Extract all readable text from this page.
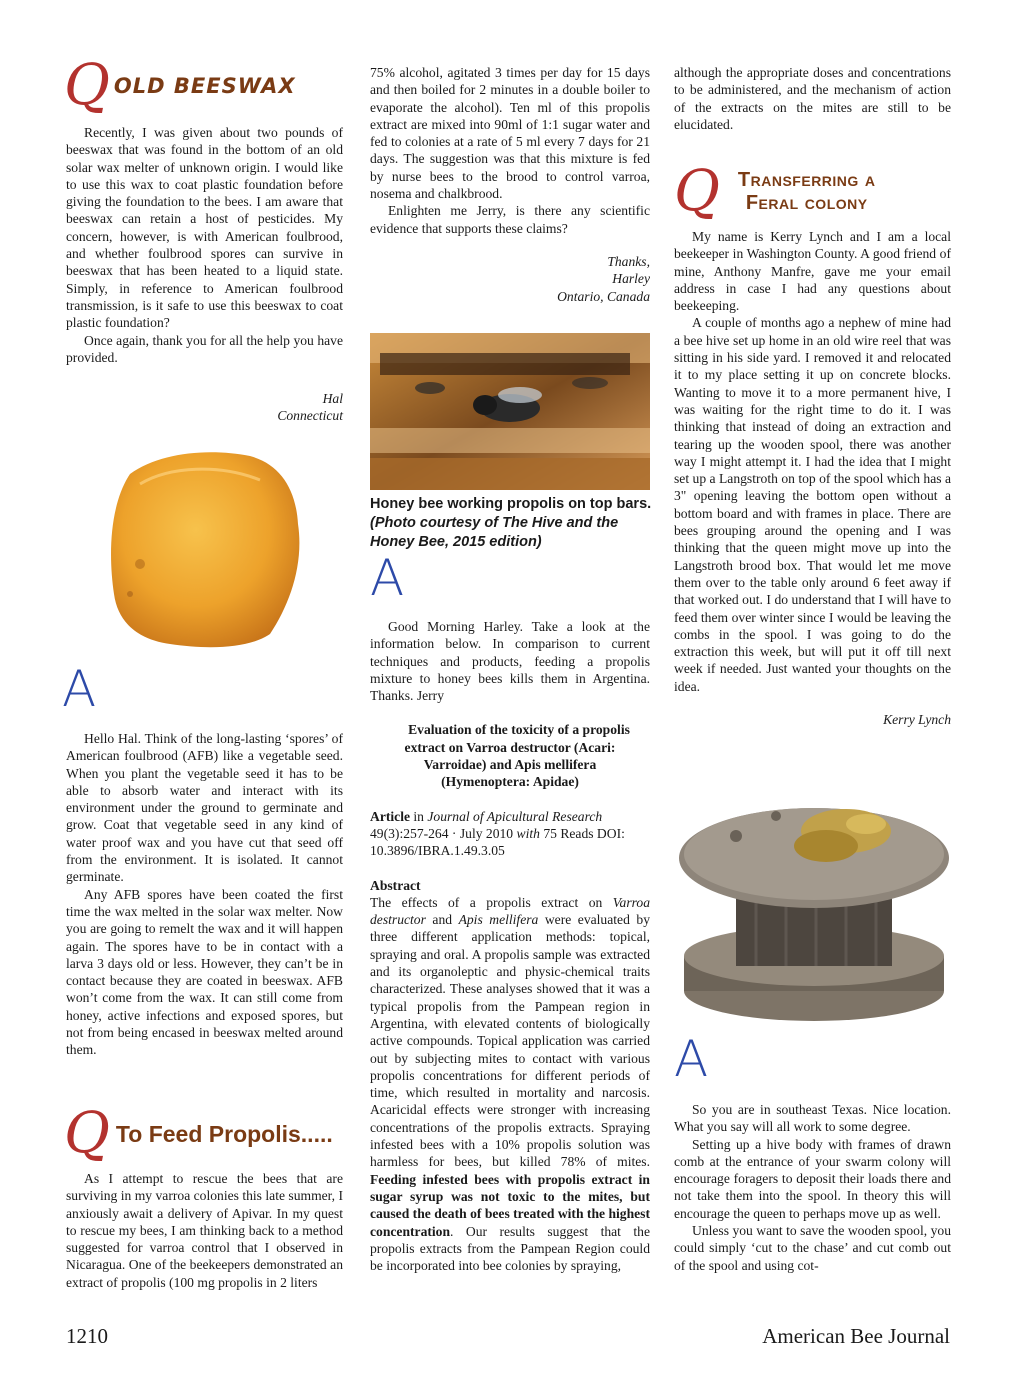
Q OLD BEESWAX

Recently, I was given about two pounds of beeswax that was found in the bottom of an old solar wax melter of unknown origin. I would like to use this wax to coat plastic foundation before giving the foundation to the bees. I am aware that beeswax can retain a host of pesticides. My concern, however, is with American foulbrood, and whether foulbrood spores can survive in beeswax that has been heated to a liquid state. Simply, in reference to American foulbrood transmission, is it safe to use this beeswax to coat plastic foundation?

Once again, thank you for all the help you have provided.

Hal

Connecticut

A

Hello Hal. Think of the long-lasting ‘spores’ of American foulbrood (AFB) like a vegetable seed. When you plant the vegetable seed it has to be able to absorb water and interact with its environment under the ground to germinate and grow. Coat that vegetable seed in any kind of water proof wax and you have cut that seed off from the environment. It is isolated. It cannot germinate.

Any AFB spores have been coated the first time the wax melted in the solar wax melter. Now you are going to remelt the wax and it will happen again. The spores have to be in contact with a larva 3 days old or less. However, they can’t be in contact because they are coated in beeswax. AFB won’t come from the wax. It can still come from honey, active infections and exposed spores, but not from being encased in beeswax melted around them.

Q To Feed Propolis.....

As I attempt to rescue the bees that are surviving in my varroa colonies this late summer, I anxiously await a delivery of Apivar. In my quest to rescue my bees, I am thinking back to a method suggested for varroa control that I observed in Nicaragua. One of the beekeepers demonstrated an extract of propolis (100 mg propolis in 2 liters

75% alcohol, agitated 3 times per day for 15 days and then boiled for 2 minutes in a double boiler to evaporate the alcohol). Ten ml of this propolis extract are mixed into 90ml of 1:1 sugar water and fed to colonies at a rate of 5 ml every 7 days for 21 days. The suggestion was that this mixture is fed by nurse bees to the brood to control varroa, nosema and chalkbrood.

Enlighten me Jerry, is there any scientific evidence that supports these claims?

Thanks,

Harley

Ontario, Canada

Honey bee working propolis on top bars. (Photo courtesy of The Hive and the Honey Bee, 2015 edition)
A

Good Morning Harley. Take a look at the information below. In comparison to current techniques and products, feeding a propolis mixture to honey bees kills them in Argentina. Thanks. Jerry

Evaluation of the toxicity of a propolis extract on Varroa destructor (Acari: Varroidae) and Apis mellifera (Hymenoptera: Apidae)

Article in Journal of Apicultural Research 49(3):257-264 · July 2010 with 75 Reads DOI: 10.3896/IBRA.1.49.3.05

Abstract

The effects of a propolis extract on Varroa destructor and Apis mellifera were evaluated by three different application methods: topical, spraying and oral. A propolis sample was extracted and its organoleptic and physic-chemical traits characterized. These analyses showed that it was a typical propolis from the Pampean region in Argentina, with elevated contents of biologically active compounds. Topical application was carried out by subjecting mites to contact with various propolis concentrations for different periods of time, which resulted in mortality and narcosis. Acaricidal effects were stronger with increasing concentrations of the propolis extracts. Spraying infested bees with a 10% propolis solution was harmless for bees, but killed 78% of mites. Feeding infested bees with propolis extract in sugar syrup was not toxic to the mites, but caused the death of bees treated with the highest concentration. Our results suggest that the propolis extracts from the Pampean Region could be incorporated into bee colonies by spraying,

although the appropriate doses and concentrations to be administered, and the mechanism of action of the extracts on the mites are still to be elucidated.

Q Transferring a
Feral colony

My name is Kerry Lynch and I am a local beekeeper in Washington County. A good friend of mine, Anthony Manfre, gave me your email address in case I had any questions about beekeeping.

A couple of months ago a nephew of mine had a bee hive set up home in an old wire reel that was sitting in his side yard. I removed it and relocated it to my place setting it up on concrete blocks. Wanting to move it to a more permanent hive, I was waiting for the right time to do it. I was thinking that instead of doing an extraction and tearing up the wooden spool, there was another way I might attempt it. I had the idea that I might set up a Langstroth on top of the spool which has a 3" opening leaving the bottom open without a bottom board and with frames in place. There are bees grouping around the opening and I was thinking that the queen might move up into the Langstroth brood box. That would let me move them over to the table only around 6 feet away if that worked out. I do understand that I will have to feed them over winter since I would be leaving the combs in the spool. I was going to do the extraction this week, but will put it off till next week if needed. Just wanted your thoughts on the idea.

Kerry Lynch

A

So you are in southeast Texas. Nice location. What you say will all work to some degree.

Setting up a hive body with frames of drawn comb at the entrance of your swarm colony will encourage foragers to deposit their loads there and not take them into the spool. In theory this will encourage the queen to perhaps move up as well.

Unless you want to save the wooden spool, you could simply ‘cut to the chase’ and cut comb out of the spool and using cot-

1210	American Bee Journal
